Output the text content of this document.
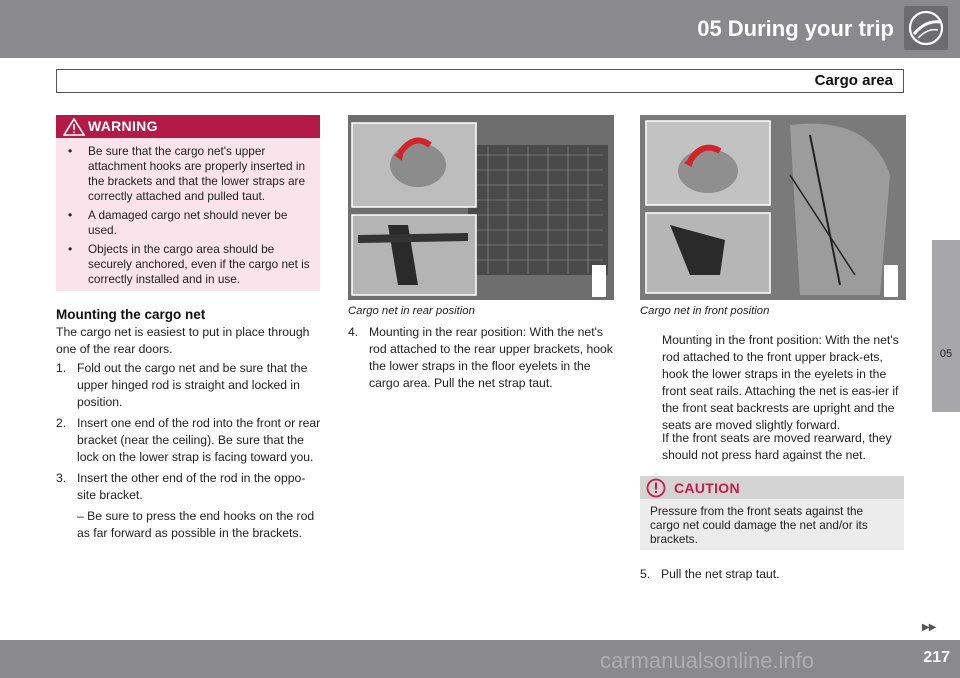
05 During your trip
Cargo area
05
WARNING
• Be sure that the cargo net's upper attachment hooks are properly inserted in the brackets and that the lower straps are correctly attached and pulled taut.
• A damaged cargo net should never be used.
• Objects in the cargo area should be securely anchored, even if the cargo net is correctly installed and in use.
Mounting the cargo net
The cargo net is easiest to put in place through one of the rear doors.
1. Fold out the cargo net and be sure that the upper hinged rod is straight and locked in position.
2. Insert one end of the rod into the front or rear bracket (near the ceiling). Be sure that the lock on the lower strap is facing toward you.
3. Insert the other end of the rod in the oppo-site bracket.

– Be sure to press the end hooks on the rod as far forward as possible in the brackets.

Cargo net in rear position
4. Mounting in the rear position: With the net's rod attached to the rear upper brackets, hook the lower straps in the floor eyelets in the cargo area. Pull the net strap taut.
Cargo net in front position

Mounting in the front position: With the net's rod attached to the front upper brack-ets, hook the lower straps in the eyelets in the front seat rails. Attaching the net is eas-ier if the front seat backrests are upright and the seats are moved slightly forward.

If the front seats are moved rearward, they should not press hard against the net.

CAUTION
Pressure from the front seats against the cargo net could damage the net and/or its brackets.
5. Pull the net strap taut.
▶▶
carmanualsonline.info	217
